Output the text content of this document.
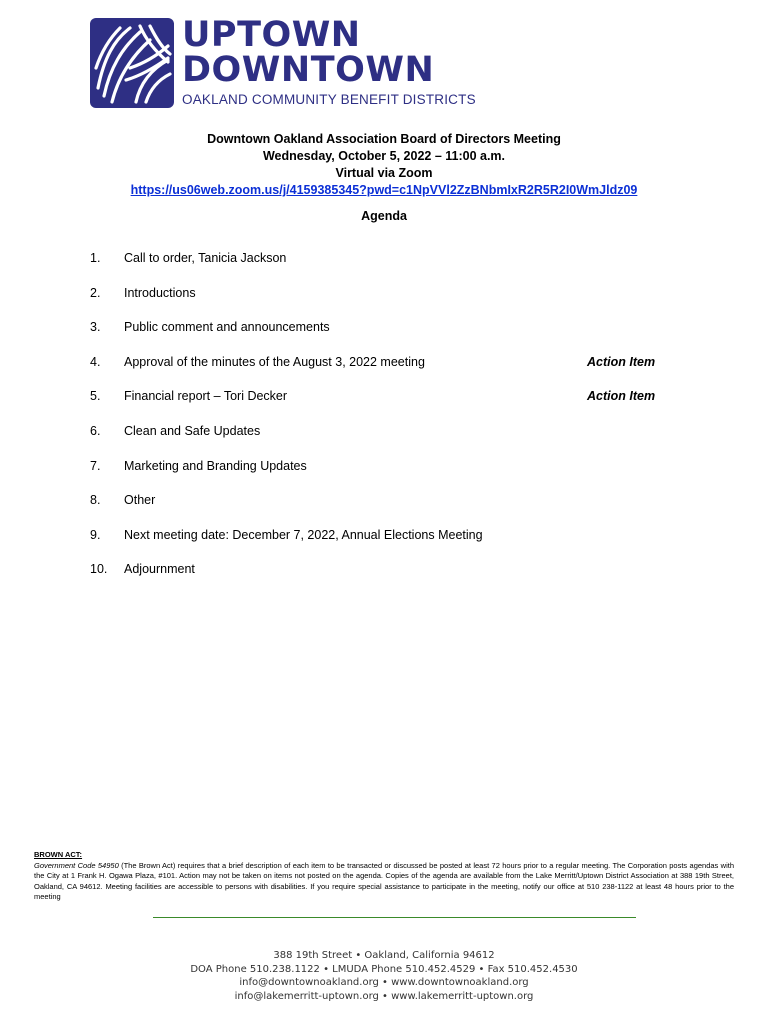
UPTOWN
DOWNTOWN
OAKLAND COMMUNITY BENEFIT DISTRICTS
Downtown Oakland Association Board of Directors Meeting
Wednesday, October 5, 2022 – 11:00 a.m.
Virtual via Zoom
https://us06web.zoom.us/j/4159385345?pwd=c1NpVVl2ZzBNbmIxR2R5R2I0WmJldz09
Agenda
1. Call to order, Tanicia Jackson
2. Introductions
3. Public comment and announcements
4. Approval of the minutes of the August 3, 2022 meeting	Action Item
5. Financial report – Tori Decker	Action Item
6. Clean and Safe Updates
7. Marketing and Branding Updates
8. Other
9. Next meeting date: December 7, 2022, Annual Elections Meeting
10. Adjournment
BROWN ACT:
Government Code 54950 (The Brown Act) requires that a brief description of each item to be transacted or discussed be posted at least 72 hours prior to a regular meeting. The Corporation posts agendas with the City at 1 Frank H. Ogawa Plaza, #101. Action may not be taken on items not posted on the agenda. Copies of the agenda are available from the Lake Merritt/Uptown District Association at 388 19th Street, Oakland, CA 94612. Meeting facilities are accessible to persons with disabilities. If you require special assistance to participate in the meeting, notify our office at 510 238-1122 at least 48 hours prior to the meeting
388 19th Street • Oakland, California 94612
DOA Phone 510.238.1122 • LMUDA Phone 510.452.4529 • Fax 510.452.4530
info@downtownoakland.org • www.downtownoakland.org
info@lakemerritt-uptown.org • www.lakemerritt-uptown.org
